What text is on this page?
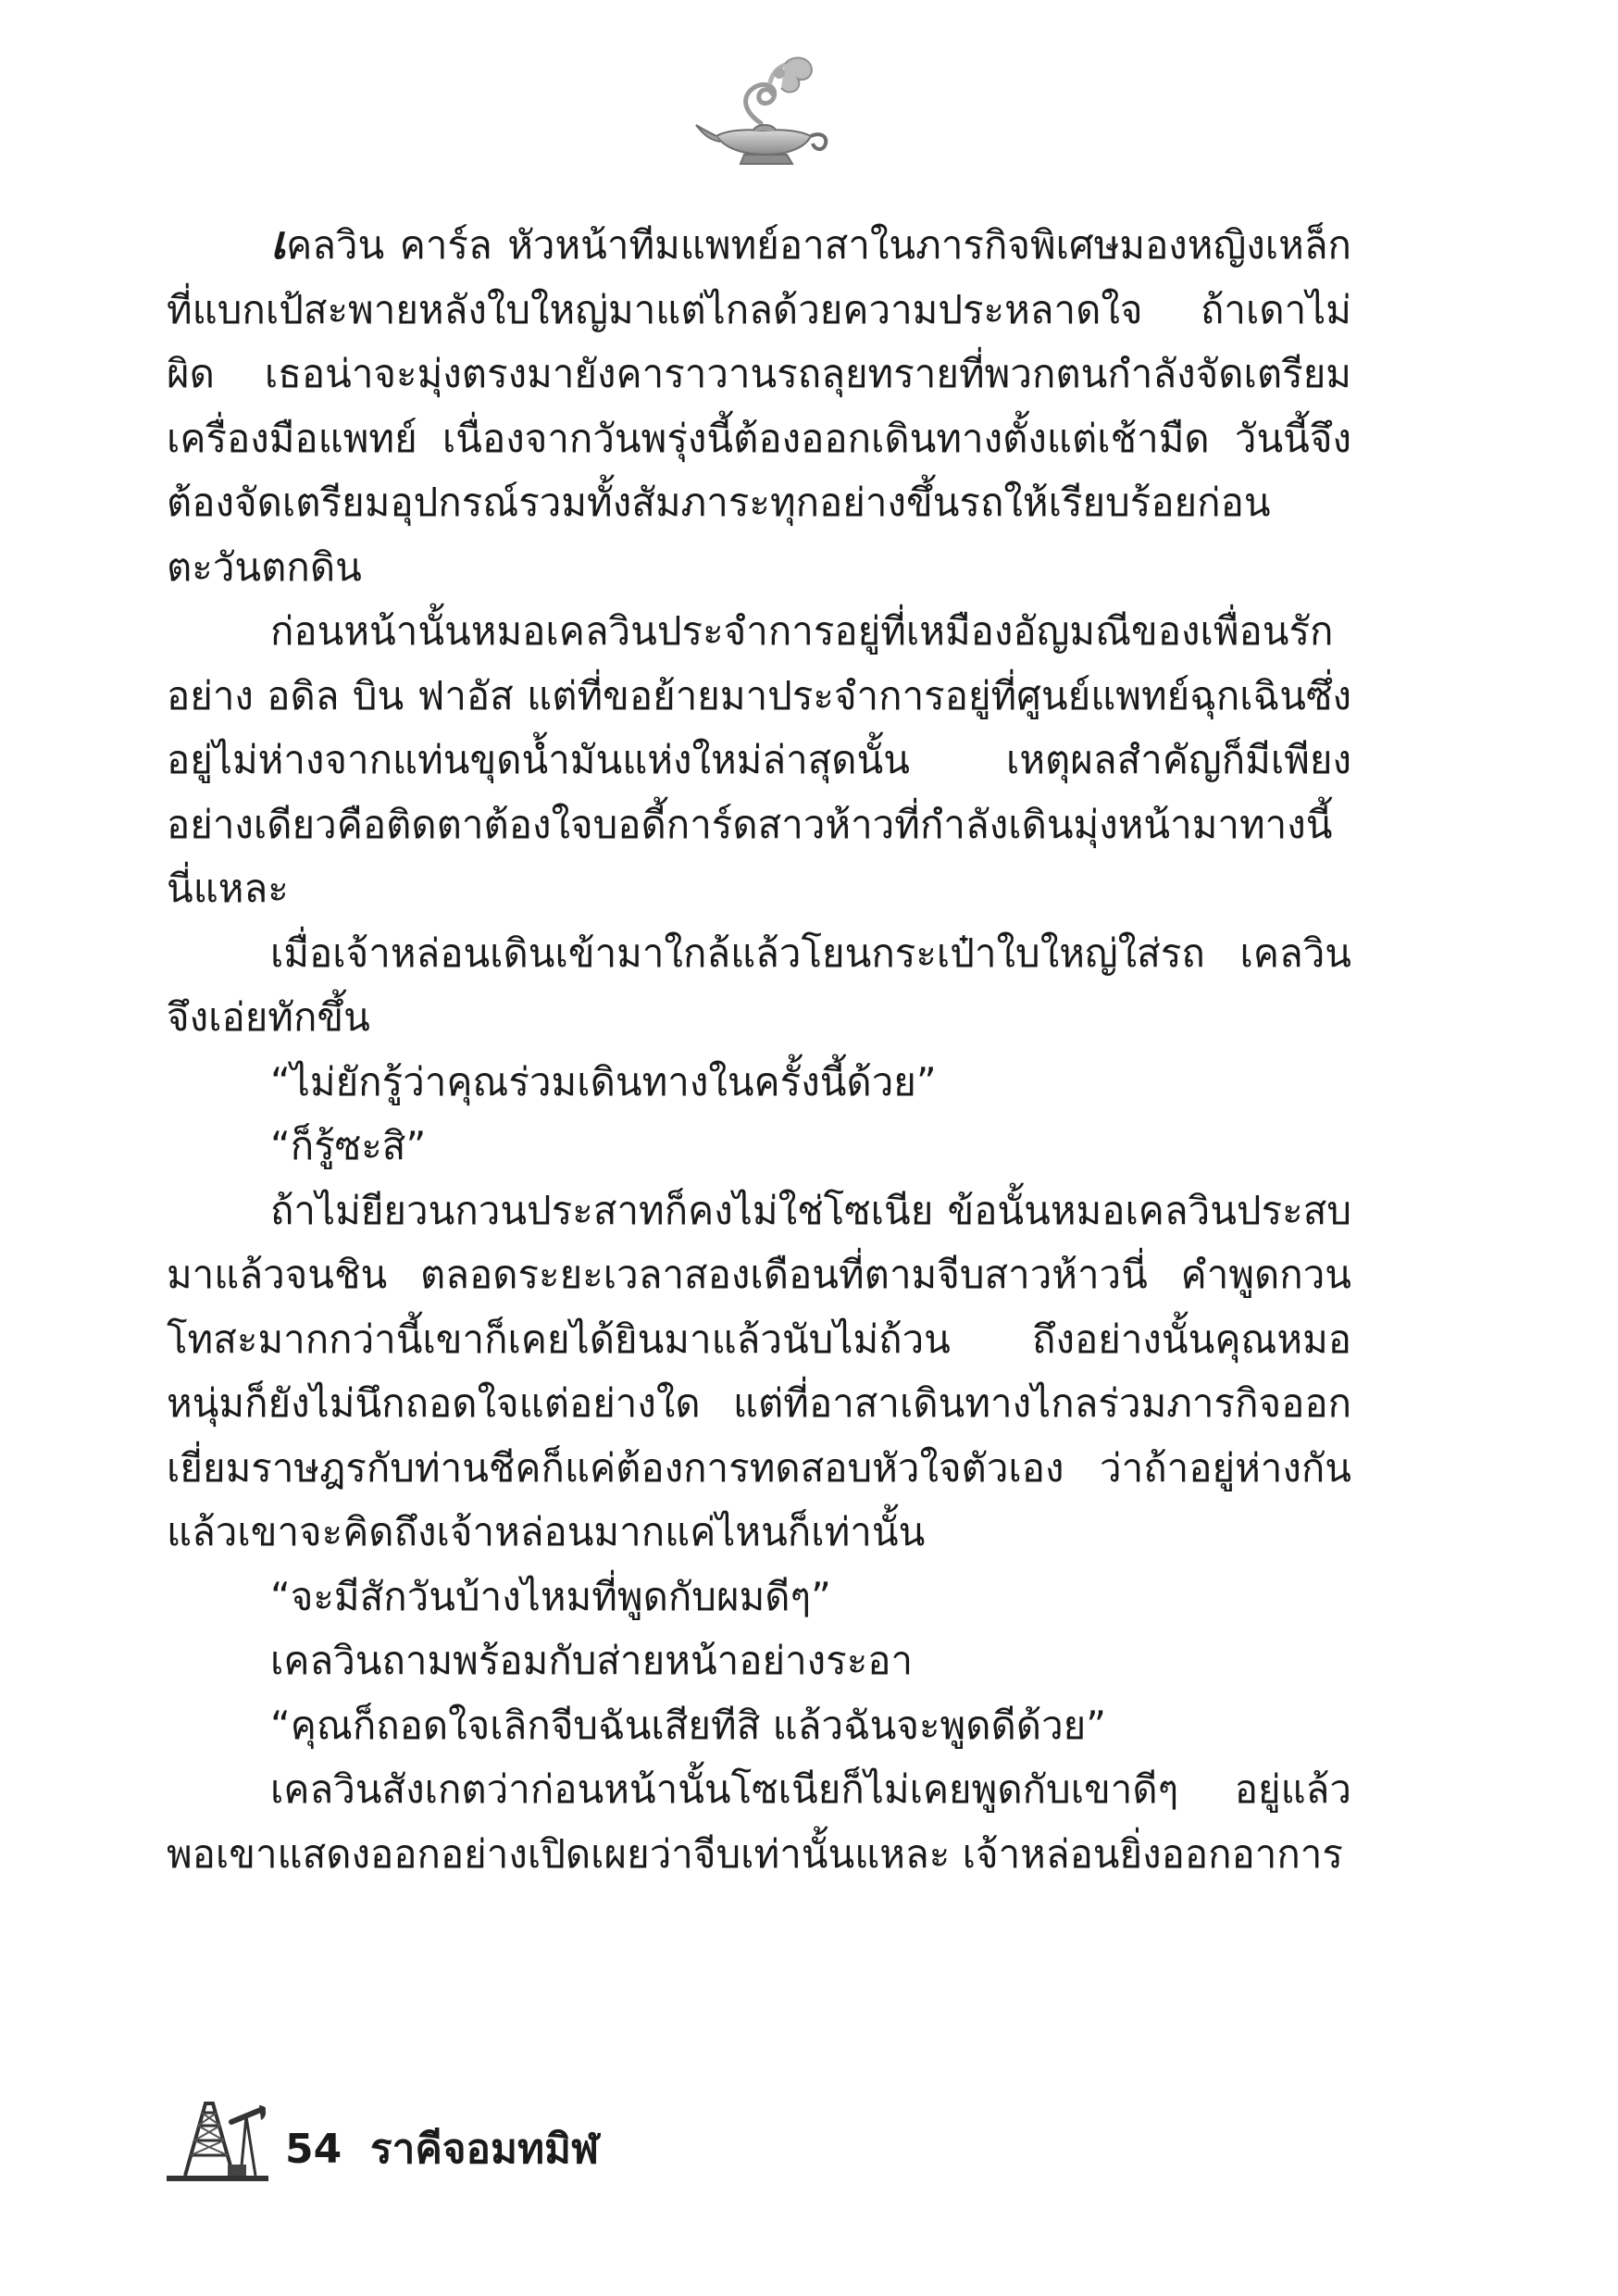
เคลวิน คาร์ล หัวหน้าทีมแพทย์อาสาในภารกิจพิเศษมองหญิงเหล็กที่แบกเป้สะพายหลังใบใหญ่มาแต่ไกลด้วยความประหลาดใจ ถ้าเดาไม่ผิด เธอน่าจะมุ่งตรงมายังคาราวานรถลุยทรายที่พวกตนกำลังจัดเตรียมเครื่องมือแพทย์ เนื่องจากวันพรุ่งนี้ต้องออกเดินทางตั้งแต่เช้ามืด วันนี้จึงต้องจัดเตรียมอุปกรณ์รวมทั้งสัมภาระทุกอย่างขึ้นรถให้เรียบร้อยก่อนตะวันตกดิน

ก่อนหน้านั้นหมอเคลวินประจำการอยู่ที่เหมืองอัญมณีของเพื่อนรักอย่าง อดิล บิน ฟาอัส แต่ที่ขอย้ายมาประจำการอยู่ที่ศูนย์แพทย์ฉุกเฉินซึ่งอยู่ไม่ห่างจากแท่นขุดน้ำมันแห่งใหม่ล่าสุดนั้น เหตุผลสำคัญก็มีเพียงอย่างเดียวคือติดตาต้องใจบอดี้การ์ดสาวห้าวที่กำลังเดินมุ่งหน้ามาทางนี้นี่แหละ

เมื่อเจ้าหล่อนเดินเข้ามาใกล้แล้วโยนกระเป๋าใบใหญ่ใส่รถ เคลวินจึงเอ่ยทักขึ้น

“ไม่ยักรู้ว่าคุณร่วมเดินทางในครั้งนี้ด้วย”

“ก็รู้ซะสิ”

ถ้าไม่ยียวนกวนประสาทก็คงไม่ใช่โซเนีย ข้อนั้นหมอเคลวินประสบมาแล้วจนชิน ตลอดระยะเวลาสองเดือนที่ตามจีบสาวห้าวนี่ คำพูดกวนโทสะมากกว่านี้เขาก็เคยได้ยินมาแล้วนับไม่ถ้วน ถึงอย่างนั้นคุณหมอหนุ่มก็ยังไม่นึกถอดใจแต่อย่างใด แต่ที่อาสาเดินทางไกลร่วมภารกิจออกเยี่ยมราษฎรกับท่านชีคก็แค่ต้องการทดสอบหัวใจตัวเอง ว่าถ้าอยู่ห่างกันแล้วเขาจะคิดถึงเจ้าหล่อนมากแค่ไหนก็เท่านั้น

“จะมีสักวันบ้างไหมที่พูดกับผมดีๆ”

เคลวินถามพร้อมกับส่ายหน้าอย่างระอา

“คุณก็ถอดใจเลิกจีบฉันเสียทีสิ แล้วฉันจะพูดดีด้วย”

เคลวินสังเกตว่าก่อนหน้านั้นโซเนียก็ไม่เคยพูดกับเขาดีๆ อยู่แล้วพอเขาแสดงออกอย่างเปิดเผยว่าจีบเท่านั้นแหละ เจ้าหล่อนยิ่งออกอาการ

54 ราคีจอมทมิฬ
